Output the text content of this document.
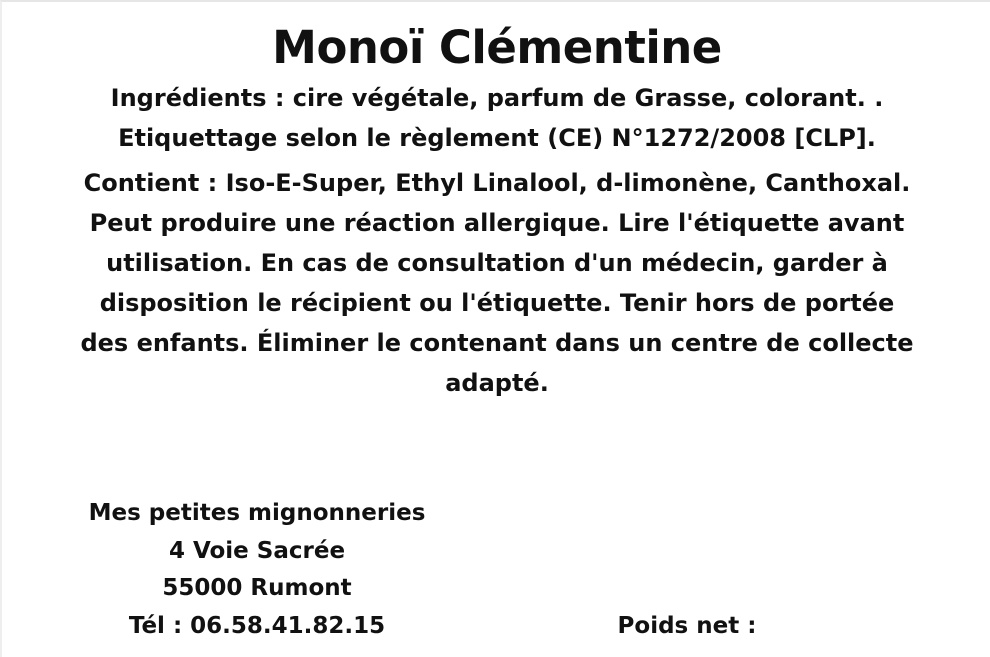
Monoï Clémentine
Ingrédients : cire végétale, parfum de Grasse, colorant. .
Etiquettage selon le règlement (CE) N°1272/2008 [CLP].
Contient : Iso-E-Super, Ethyl Linalool, d-limonène, Canthoxal.
Peut produire une réaction allergique. Lire l'étiquette avant
utilisation. En cas de consultation d'un médecin, garder à
disposition le récipient ou l'étiquette. Tenir hors de portée
des enfants. Éliminer le contenant dans un centre de collecte
adapté.
Mes petites mignonneries
4 Voie Sacrée
55000 Rumont
Tél : 06.58.41.82.15	Poids net :
